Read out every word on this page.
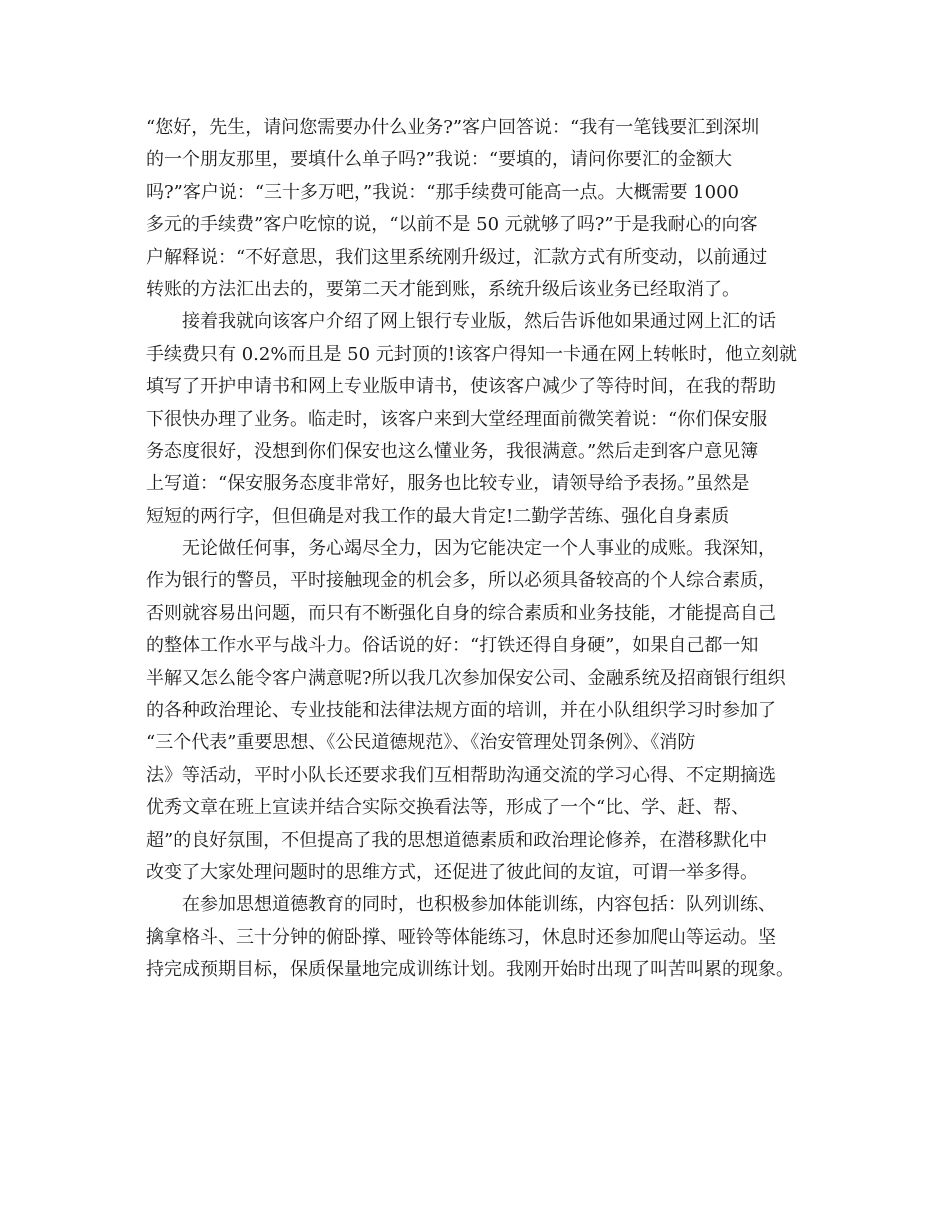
“您好，先生，请问您需要办什么业务?”客户回答说：“我有一笔钱要汇到深圳
的一个朋友那里，要填什么单子吗?”我说：“要填的，请问你要汇的金额大
吗?”客户说：“三十多万吧，”我说：“那手续费可能高一点。大概需要 1000
多元的手续费”客户吃惊的说，“以前不是 50 元就够了吗?”于是我耐心的向客
户解释说：“不好意思，我们这里系统刚升级过，汇款方式有所变动，以前通过
转账的方法汇出去的，要第二天才能到账，系统升级后该业务已经取消了。
　　接着我就向该客户介绍了网上银行专业版，然后告诉他如果通过网上汇的话
手续费只有 0.2%而且是 50 元封顶的!该客户得知一卡通在网上转帐时，他立刻就
填写了开护申请书和网上专业版申请书，使该客户减少了等待时间，在我的帮助
下很快办理了业务。临走时，该客户来到大堂经理面前微笑着说：“你们保安服
务态度很好，没想到你们保安也这么懂业务，我很满意。”然后走到客户意见簿
上写道：“保安服务态度非常好，服务也比较专业，请领导给予表扬。”虽然是
短短的两行字，但但确是对我工作的最大肯定!二勤学苦练、强化自身素质
　　无论做任何事，务心竭尽全力，因为它能决定一个人事业的成账。我深知，
作为银行的警员，平时接触现金的机会多，所以必须具备较高的个人综合素质，
否则就容易出问题，而只有不断强化自身的综合素质和业务技能，才能提高自己
的整体工作水平与战斗力。俗话说的好：“打铁还得自身硬”，如果自己都一知
半解又怎么能令客户满意呢?所以我几次参加保安公司、金融系统及招商银行组织
的各种政治理论、专业技能和法律法规方面的培训，并在小队组织学习时参加了
“三个代表”重要思想、《公民道德规范》、《治安管理处罚条例》、《消防
法》等活动，平时小队长还要求我们互相帮助沟通交流的学习心得、不定期摘选
优秀文章在班上宣读并结合实际交换看法等，形成了一个“比、学、赶、帮、
超”的良好氛围，不但提高了我的思想道德素质和政治理论修养，在潜移默化中
改变了大家处理问题时的思维方式，还促进了彼此间的友谊，可谓一举多得。
　　在参加思想道德教育的同时，也积极参加体能训练，内容包括：队列训练、
擒拿格斗、三十分钟的俯卧撑、哑铃等体能练习，休息时还参加爬山等运动。坚
持完成预期目标，保质保量地完成训练计划。我刚开始时出现了叫苦叫累的现象。
